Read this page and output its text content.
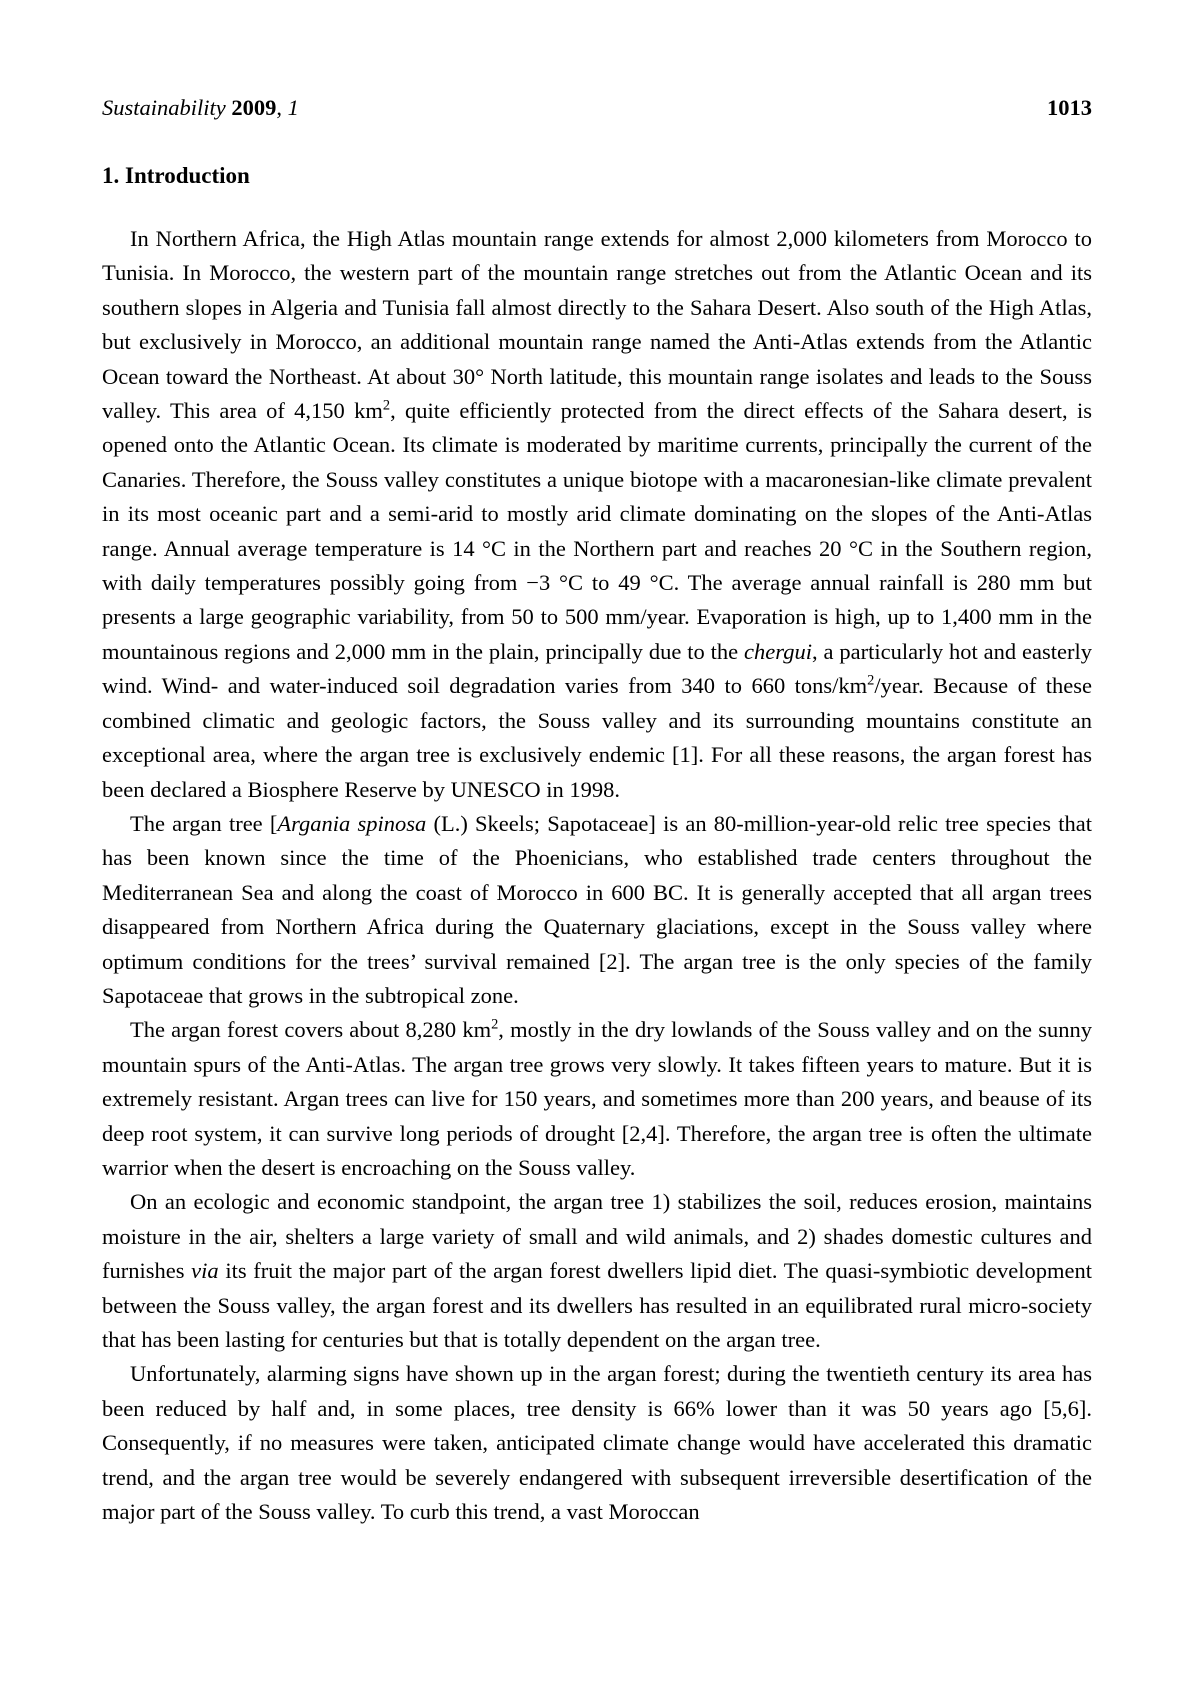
Sustainability 2009, 1	1013
1. Introduction

In Northern Africa, the High Atlas mountain range extends for almost 2,000 kilometers from Morocco to Tunisia. In Morocco, the western part of the mountain range stretches out from the Atlantic Ocean and its southern slopes in Algeria and Tunisia fall almost directly to the Sahara Desert. Also south of the High Atlas, but exclusively in Morocco, an additional mountain range named the Anti-Atlas extends from the Atlantic Ocean toward the Northeast. At about 30° North latitude, this mountain range isolates and leads to the Souss valley. This area of 4,150 $km^2$, quite efficiently protected from the direct effects of the Sahara desert, is opened onto the Atlantic Ocean. Its climate is moderated by maritime currents, principally the current of the Canaries. Therefore, the Souss valley constitutes a unique biotope with a macaronesian-like climate prevalent in its most oceanic part and a semi-arid to mostly arid climate dominating on the slopes of the Anti-Atlas range. Annual average temperature is 14 °C in the Northern part and reaches 20 °C in the Southern region, with daily temperatures possibly going from −3 °C to 49 °C. The average annual rainfall is 280 mm but presents a large geographic variability, from 50 to 500 mm/year. Evaporation is high, up to 1,400 mm in the mountainous regions and 2,000 mm in the plain, principally due to the chergui, a particularly hot and easterly wind. Wind- and water-induced soil degradation varies from 340 to 660 tons/$km^2$/year. Because of these combined climatic and geologic factors, the Souss valley and its surrounding mountains constitute an exceptional area, where the argan tree is exclusively endemic [1]. For all these reasons, the argan forest has been declared a Biosphere Reserve by UNESCO in 1998.

The argan tree [Argania spinosa (L.) Skeels; Sapotaceae] is an 80-million-year-old relic tree species that has been known since the time of the Phoenicians, who established trade centers throughout the Mediterranean Sea and along the coast of Morocco in 600 BC. It is generally accepted that all argan trees disappeared from Northern Africa during the Quaternary glaciations, except in the Souss valley where optimum conditions for the trees’ survival remained [2]. The argan tree is the only species of the family Sapotaceae that grows in the subtropical zone.

The argan forest covers about 8,280 $km^2$, mostly in the dry lowlands of the Souss valley and on the sunny mountain spurs of the Anti-Atlas. The argan tree grows very slowly. It takes fifteen years to mature. But it is extremely resistant. Argan trees can live for 150 years, and sometimes more than 200 years, and beause of its deep root system, it can survive long periods of drought [2,4]. Therefore, the argan tree is often the ultimate warrior when the desert is encroaching on the Souss valley.

On an ecologic and economic standpoint, the argan tree 1) stabilizes the soil, reduces erosion, maintains moisture in the air, shelters a large variety of small and wild animals, and 2) shades domestic cultures and furnishes via its fruit the major part of the argan forest dwellers lipid diet. The quasi-symbiotic development between the Souss valley, the argan forest and its dwellers has resulted in an equilibrated rural micro-society that has been lasting for centuries but that is totally dependent on the argan tree.

Unfortunately, alarming signs have shown up in the argan forest; during the twentieth century its area has been reduced by half and, in some places, tree density is 66% lower than it was 50 years ago [5,6]. Consequently, if no measures were taken, anticipated climate change would have accelerated this dramatic trend, and the argan tree would be severely endangered with subsequent irreversible desertification of the major part of the Souss valley. To curb this trend, a vast Moroccan
